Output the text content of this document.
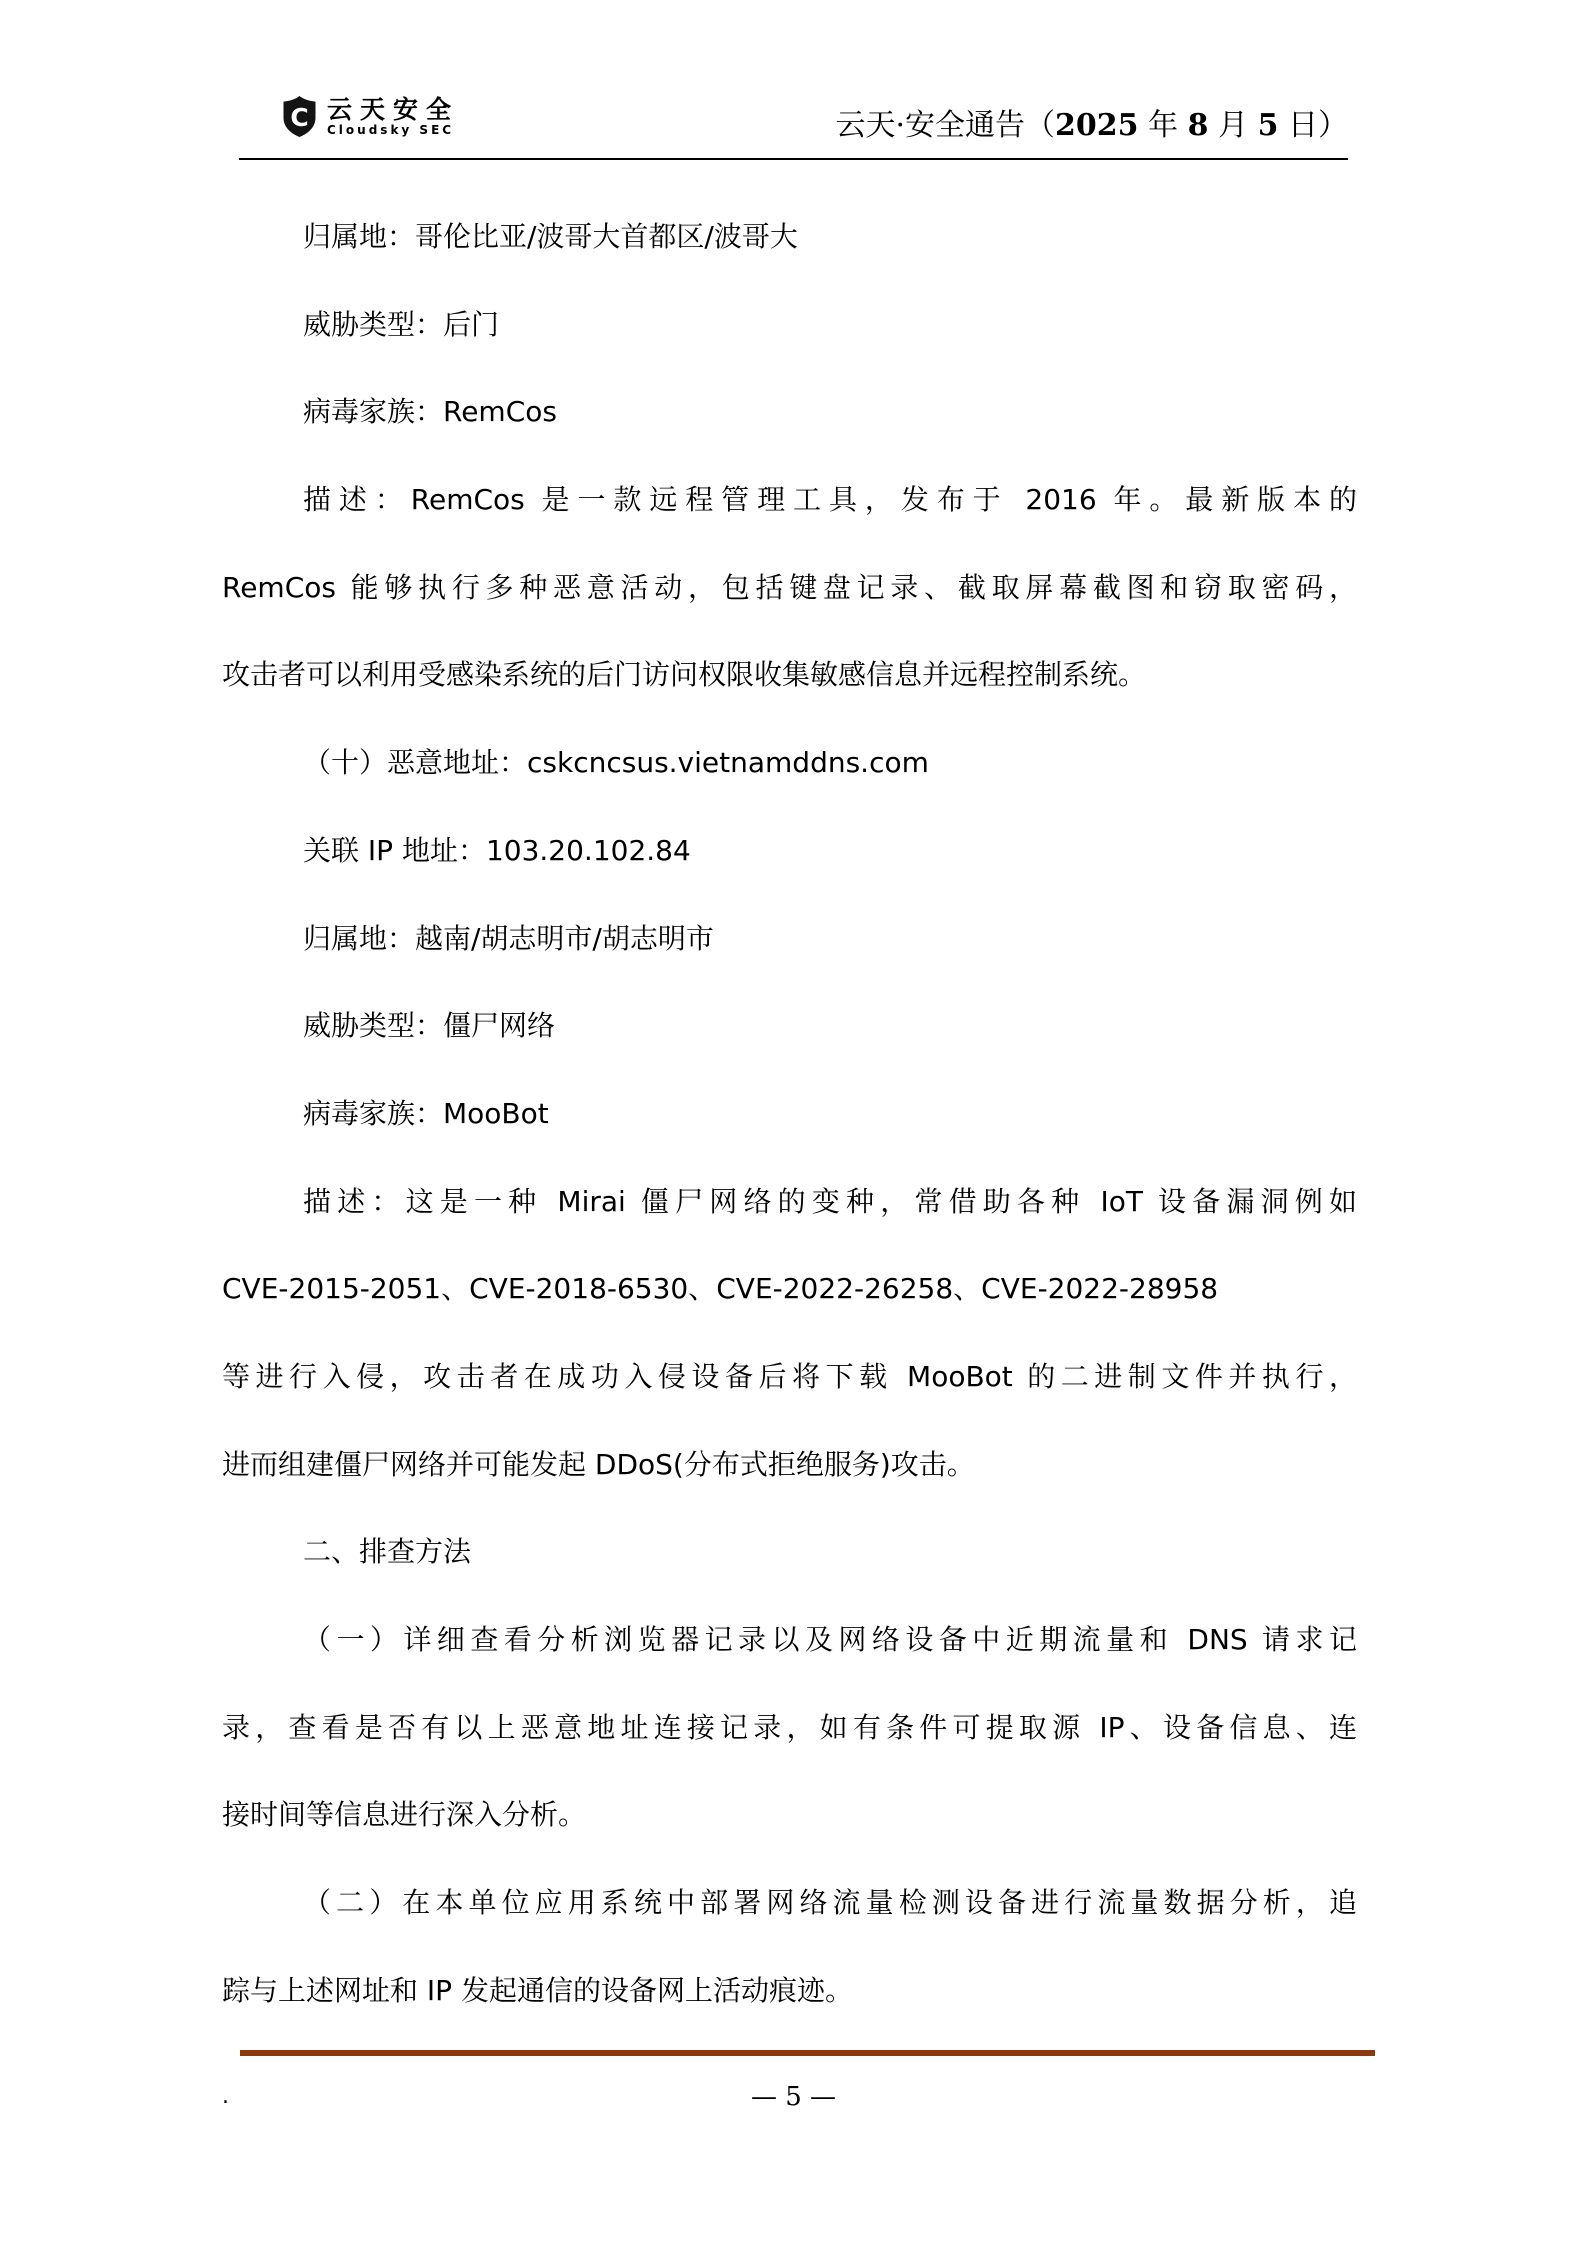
C 云天安全
Cloudsky SEC	云天·安全通告（2025 年 8 月 5 日）
归属地：哥伦比亚/波哥大首都区/波哥大
威胁类型：后门
病毒家族：RemCos
描述：RemCos 是一款远程管理工具，发布于 2016 年。最新版本的
RemCos 能够执行多种恶意活动，包括键盘记录、截取屏幕截图和窃取密码，
攻击者可以利用受感染系统的后门访问权限收集敏感信息并远程控制系统。
（十）恶意地址：cskcncsus.vietnamddns.com
关联 IP 地址：103.20.102.84
归属地：越南/胡志明市/胡志明市
威胁类型：僵尸网络
病毒家族：MooBot
描述：这是一种 Mirai 僵尸网络的变种，常借助各种 IoT 设备漏洞例如
CVE-2015-2051、CVE-2018-6530、CVE-2022-26258、CVE-2022-28958
等进行入侵，攻击者在成功入侵设备后将下载 MooBot 的二进制文件并执行，
进而组建僵尸网络并可能发起 DDoS(分布式拒绝服务)攻击。
二、排查方法
（一）详细查看分析浏览器记录以及网络设备中近期流量和 DNS 请求记
录，查看是否有以上恶意地址连接记录，如有条件可提取源 IP、设备信息、连
接时间等信息进行深入分析。
（二）在本单位应用系统中部署网络流量检测设备进行流量数据分析，追
踪与上述网址和 IP 发起通信的设备网上活动痕迹。
.	— 5 —
